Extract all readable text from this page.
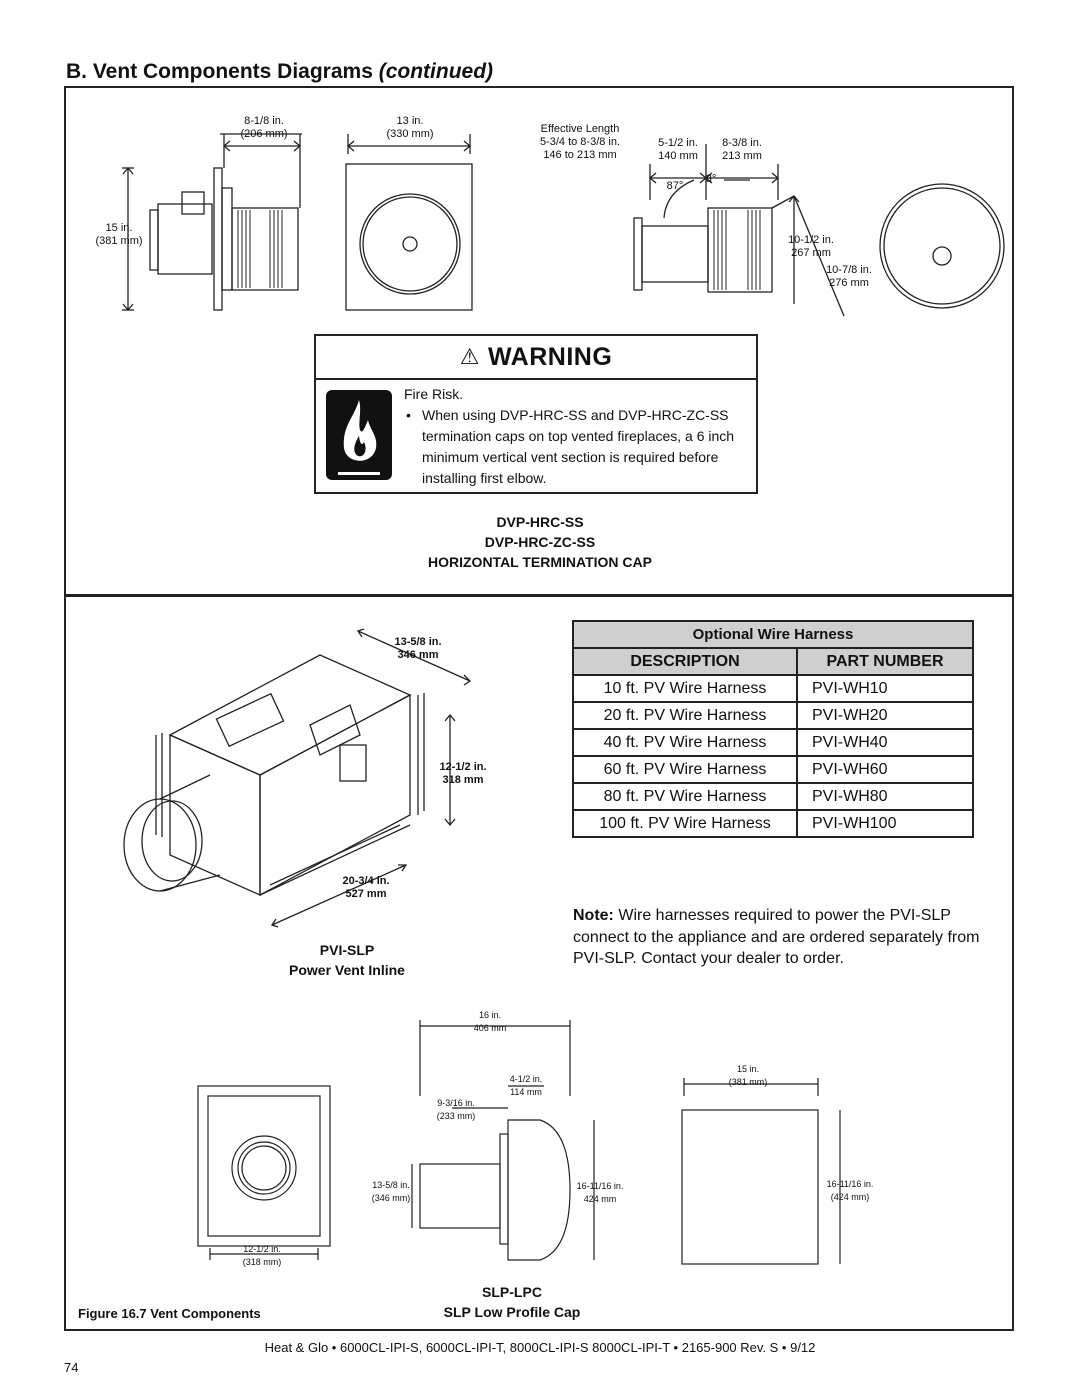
B. Vent Components Diagrams (continued)
8-1/8 in.
(206 mm)
15 in.
(381 mm)
13 in.
(330 mm)	Effective Length
5-3/4 to 8-3/8 in.
146 to 213 mm
5-1/2 in.
140 mm
8-3/8 in.
213 mm
87°
3°
10-1/2 in.
267 mm
10-7/8 in.
276 mm
⚠ WARNING
Fire Risk.
• When using DVP-HRC-SS and DVP-HRC-ZC-SS termination caps on top vented fireplaces, a 6 inch minimum vertical vent section is required before installing first elbow.
DVP-HRC-SS
DVP-HRC-ZC-SS
HORIZONTAL TERMINATION CAP
13-5/8 in.
346 mm
12-1/2 in.
318 mm
20-3/4 in.
527 mm
PVI-SLP
Power Vent Inline
Optional Wire Harness	
DESCRIPTION	PART NUMBER
10 ft. PV Wire Harness	PVI-WH10
20 ft. PV Wire Harness	PVI-WH20
40 ft. PV Wire Harness	PVI-WH40
60 ft. PV Wire Harness	PVI-WH60
80 ft. PV Wire Harness	PVI-WH80
100 ft. PV Wire Harness	PVI-WH100
Note: Wire harnesses required to power the PVI-SLP connect to the appliance and are ordered separately from PVI-SLP. Contact your dealer to order.
16 in.
406 mm
4-1/2 in.
114 mm
9-3/16 in.
(233 mm)
13-5/8 in.
(346 mm)
16-11/16 in.
424 mm
12-1/2 in.
(318 mm)
15 in.
(381 mm)
16-11/16 in.
(424 mm)
SLP-LPC
SLP Low Profile Cap
Figure 16.7 Vent Components
Heat & Glo • 6000CL-IPI-S, 6000CL-IPI-T, 8000CL-IPI-S 8000CL-IPI-T • 2165-900 Rev. S • 9/12
74
